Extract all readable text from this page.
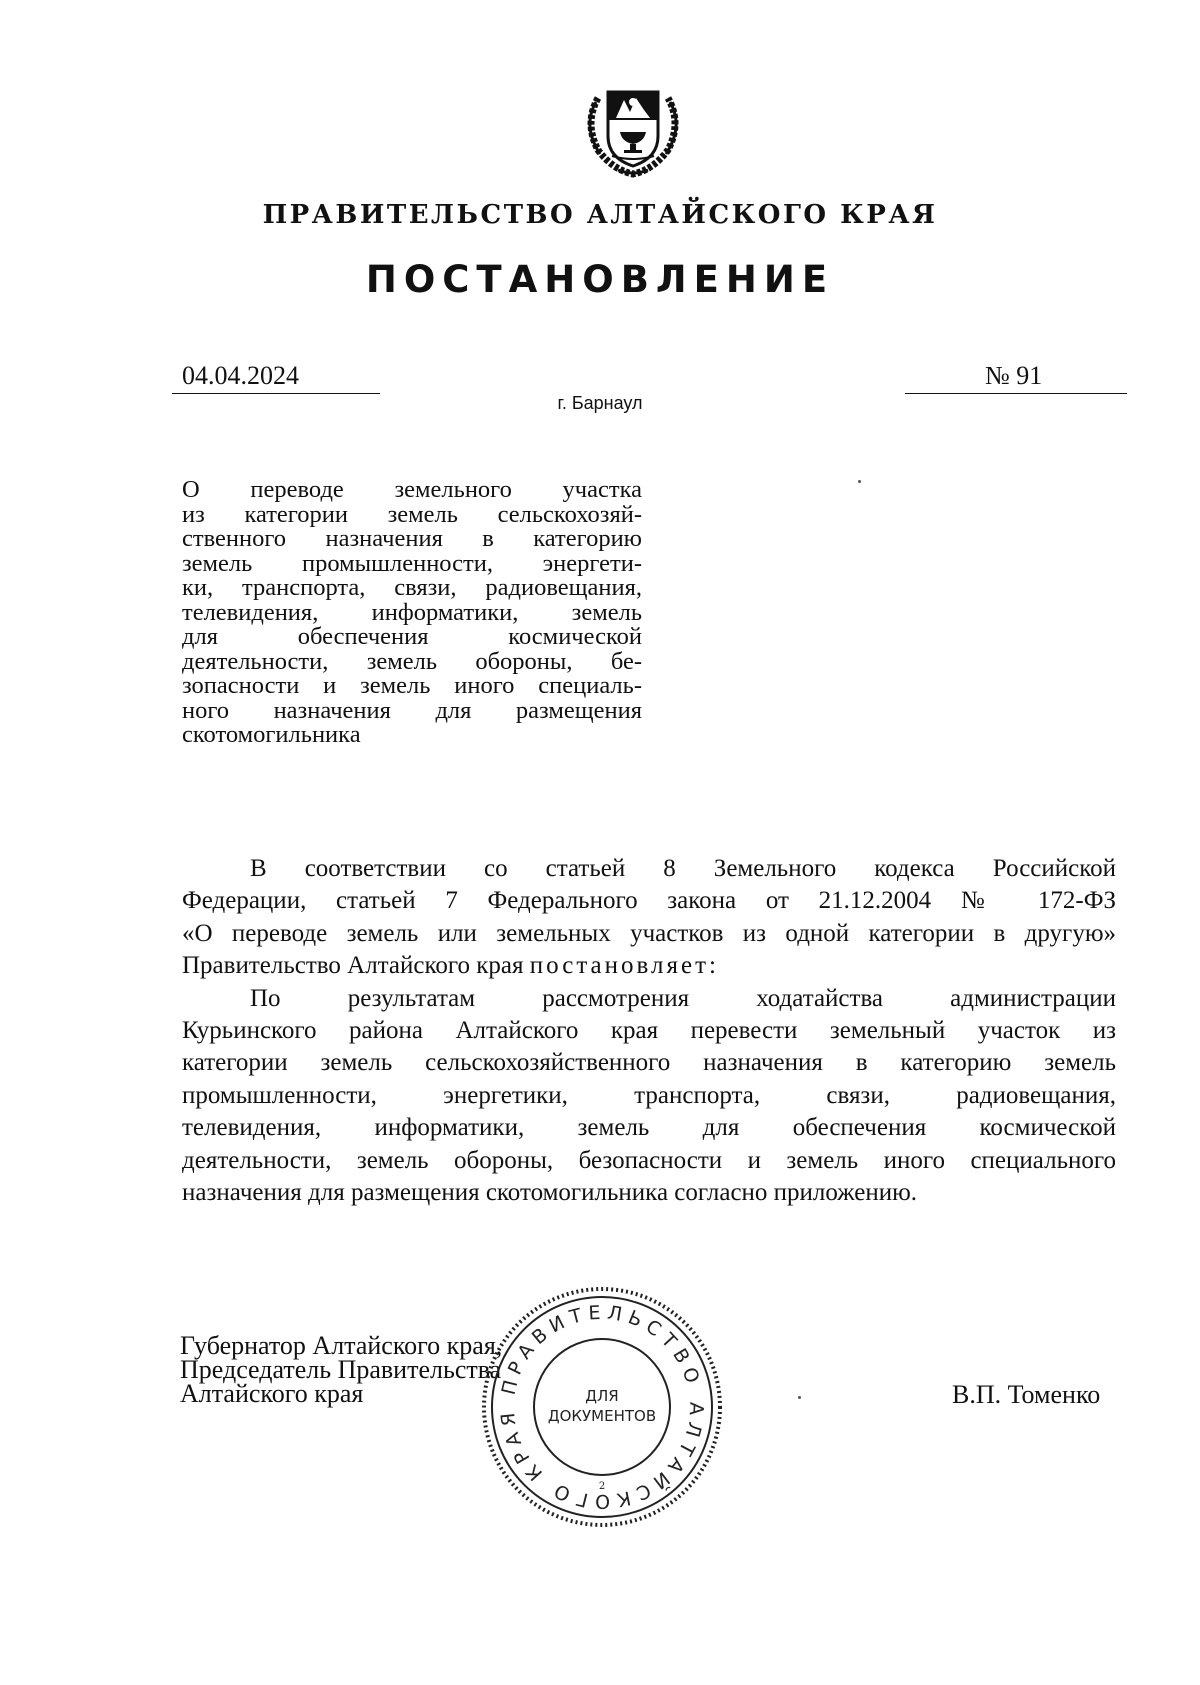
ПРАВИТЕЛЬСТВО АЛТАЙСКОГО КРАЯ
ПОСТАНОВЛЕНИЕ
04.04.2024	№ 91
г. Барнаул
О переводе земельного участка
из категории земель сельскохозяй-
ственного назначения в категорию
земель промышленности, энергети-
ки, транспорта, связи, радиовещания,
телевидения, информатики, земель
для обеспечения космической
деятельности, земель обороны, бе-
зопасности и земель иного специаль-
ного назначения для размещения
скотомогильника
В соответствии со статьей 8 Земельного кодекса Российской
Федерации, статьей 7 Федерального закона от 21.12.2004 № 172-ФЗ
«О переводе земель или земельных участков из одной категории в другую»
Правительство Алтайского края постановляет:
По результатам рассмотрения ходатайства администрации
Курьинского района Алтайского края перевести земельный участок из
категории земель сельскохозяйственного назначения в категорию земель
промышленности, энергетики, транспорта, связи, радиовещания,
телевидения, информатики, земель для обеспечения космической
деятельности, земель обороны, безопасности и земель иного специального
назначения для размещения скотомогильника согласно приложению.
Губернатор Алтайского края,
Председатель Правительства
Алтайского края	В.П. Томенко
ПРАВИТЕЛЬСТВО АЛТАЙСКОГО КРАЯ
ДЛЯ
ДОКУМЕНТОВ
2
